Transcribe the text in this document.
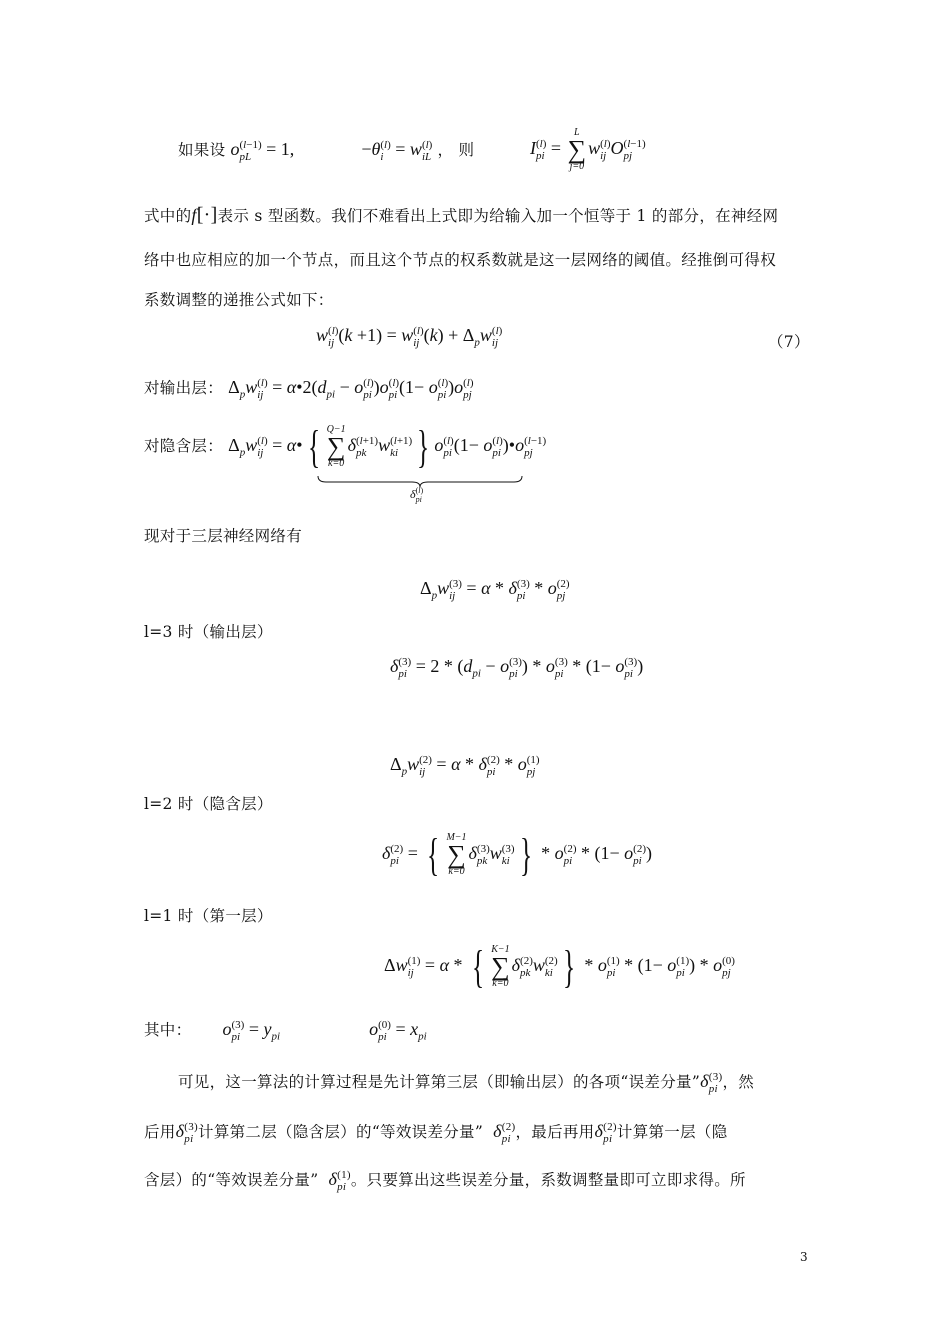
如果设 o (l−1)
pL = 1,	−θ (l)
i = w (l)
iL ， 则	I (l)
pi =
L
∑
j=0
w (l)
ij O (l−1)
pj
式中的f[·]表示 s 型函数。我们不难看出上式即为给输入加一个恒等于 1 的部分，在神经网
络中也应相应的加一个节点，而且这个节点的权系数就是这一层网络的阈值。经推倒可得权
系数调整的递推公式如下：
w (l)
ij (k +1) = w (l)
ij $(k) + \Delta_pw$ (l)
ij	（7）
对输出层： $\Delta_pw$ (l)
ij = $\alpha•2(d_{pi} - o$ (l)
pi )o (l)
pi (1− o (l)
pi )o (l)
pj
对隐含层： $\Delta_pw$ (l)
ij = α• { Q−1
∑
k=0
δ (l+1)
pk w (l+1)
ki } o (l)
pi (1− o (l)
pi )•o (l−1)
pj
δ (l)
pi
现对于三层神经网络有
$\Delta_pw$ (3)
ij = α * δ (3)
pi * o (2)
pj
l=3 时（输出层）
δ (3)
pi = $2 * (d_{pi} - o$ (3)
pi ) * o (3)
pi * (1− o (3)
pi )
$\Delta_pw$ (2)
ij = α * δ (2)
pi * o (1)
pj
l=2 时（隐含层）
δ (2)
pi = { M−1
∑
k=0
δ (3)
pk w (3)
ki } * o (2)
pi * (1− o (2)
pi )
l=1 时（第一层）
Δw (1)
ij = α * { K−1
∑
k=0
δ (2)
pk w (2)
ki } * o (1)
pi * (1− o (1)
pi ) * o (0)
pj
其中： o (3)
pi = $y_{pi}$	o (0)
pi = $x_{pi}$
可见，这一算法的计算过程是先计算第三层（即输出层）的各项“误差分量”δ (3)
pi ，然
后用δ (3)
pi 计算第二层（隐含层）的“等效误差分量” δ (2)
pi ，最后再用δ (2)
pi 计算第一层（隐
含层）的“等效误差分量” δ (1)
pi 。只要算出这些误差分量，系数调整量即可立即求得。所
3
